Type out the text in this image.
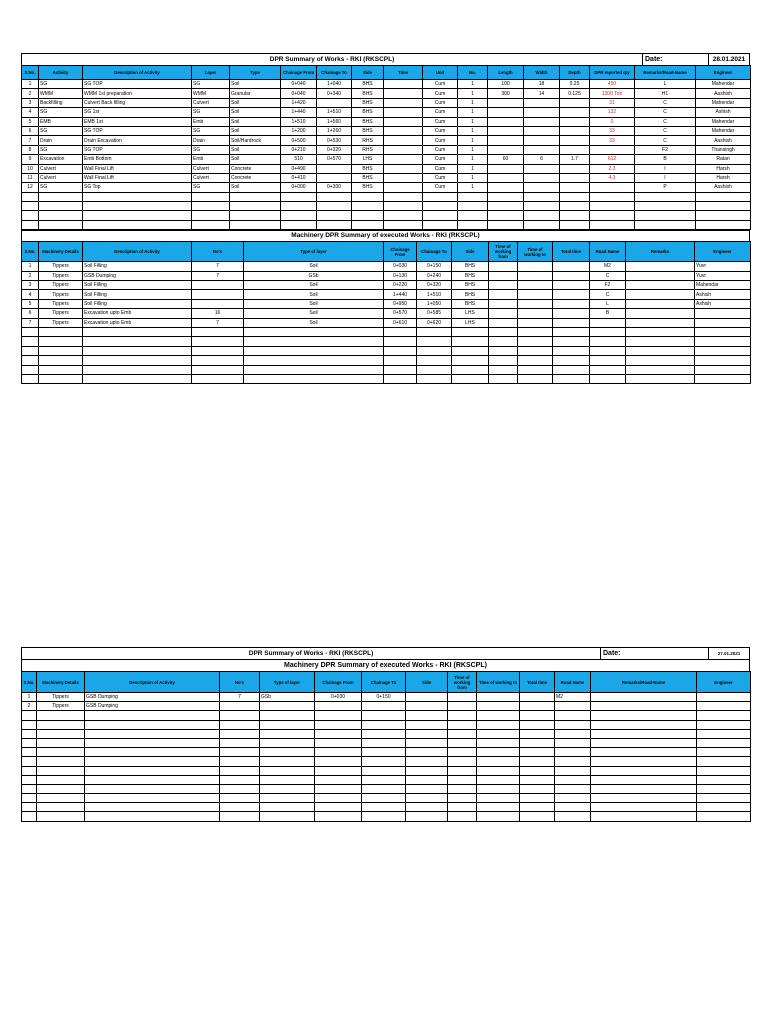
DPR Summary of Works - RKI (RKSCPL)	Date:	28.01.2021
S.No.	Activity	Description of Activity	Layer	Type	Chainage From	Chainage To	Side	Time	Unit	No.	Length	Width	Depth	DPR reported qty	Remarks/Road-Name	Engineer
1	SG	SG TOP	SG	Soil	0+040	1+040	BHS		Cum	1	100	18	0.25	450	L	Mahendar
2	WMM	WMM 1st preparation	WMM	Granular	0+040	0+340	BHS		Cum	1	300	14	0.125	1300 Ton	H1	Aashish
3	Backfilling	Culvert Back filling	Culvert	Soil	1+420		BHS		Cum	1				31	C	Mahendar
4	SG	SG 1st	SG	Soil	1+440	1+510	BHS		Cum	1				132	C	Ashish
5	EMB	EMB 1st	Emb	Soil	1+510	1+560	BHS		Cum	1				0	C	Mahendar
6	SG	SG TOP	SG	Soil	1+200	1+260	BHS		Cum	1				33	C	Mahendar
7	Drain	Drain Excavation	Drain	Soil/Hardrock	0+500	0+530	RHS		Cum	1				33	C	Aashish
8	SG	SG TOP	SG	Soil	0+210	0+320	RHS		Cum	1					F2	Thansingh
9	Excavation	Emb Bottom	Emb	Soil	510	0+570	LHS		Cum	1	60	6	1.7	612	B	Ratan
10	Culvert	Wall Final Lift	Culvert	Concrete	0+490		BHS		Cum	1				2.3	I	Harsh
11	Culvert	Wall Final Lift	Culvert	Concrete	0+410		BHS		Cum	1				4.3	I	Harsh
12	SG	SG Top	SG	Soil	0+000	0+300	BHS		Cum	1					P	Aashish

Machinery DPR Summary of executed Works - RKI (RKSCPL)
S.No.	Machinery Details	Description of Activity	No's	Type of layer	Chainage From	Chainage To	Side	Time of working from	Time of working to	Total time	Road Name	Remarks	Engineer
1	Tippers	Soil Filling	7	Soil	0+030	0+150	BHS				M2		Yuvr
2	Tippers	GSB Dumping	7	GSb	0+130	0+240	BHS				C		Yuvr
3	Tippers	Soil Filling		Soil	0+220	0+320	BHS				F2		Mahendar
4	Tippers	Soil Filling		Soil	1+440	1+510	BHS				C		Ashish
5	Tippers	Soil Filling		Soil	0+950	1+050	BHS				L		Ashish
6	Tippers	Excavation upto Emb	16	Soil	0+570	0+585	LHS				B		
7	Tippers	Excavation upto Emb	7	Soil	0+610	0+620	LHS						

DPR Summary of Works - RKI (RKSCPL)	Date:	27.01.2021
Machinery DPR Summary of executed Works - RKI (RKSCPL)
S.No.	Machinery Details	Description of Activity	No's	Type of layer	Chainage From	Chainage To	Side	Time of working from	Time of working to	Total time	Road Name	Remarks/Road-Name	Engineer
1	Tippers	GSB Dumping	7	GSb	0+030	0+150					M2		
2	Tippers	GSB Dumping											
